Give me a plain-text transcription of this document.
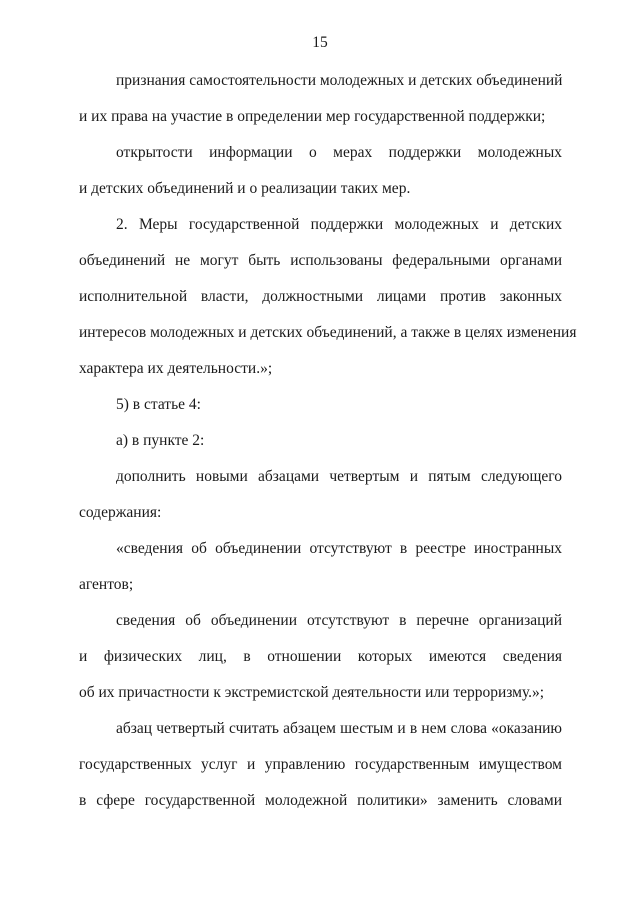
15
признания самостоятельности молодежных и детских объединений
и их права на участие в определении мер государственной поддержки;
открытости информации о мерах поддержки молодежных
и детских объединений и о реализации таких мер.
2. Меры государственной поддержки молодежных и детских
объединений не могут быть использованы федеральными органами
исполнительной власти, должностными лицами против законных
интересов молодежных и детских объединений, а также в целях изменения
характера их деятельности.»;
5) в статье 4:
а) в пункте 2:
дополнить новыми абзацами четвертым и пятым следующего
содержания:
«сведения об объединении отсутствуют в реестре иностранных
агентов;
сведения об объединении отсутствуют в перечне организаций
и физических лиц, в отношении которых имеются сведения
об их причастности к экстремистской деятельности или терроризму.»;
абзац четвертый считать абзацем шестым и в нем слова «оказанию
государственных услуг и управлению государственным имуществом
в сфере государственной молодежной политики» заменить словами
